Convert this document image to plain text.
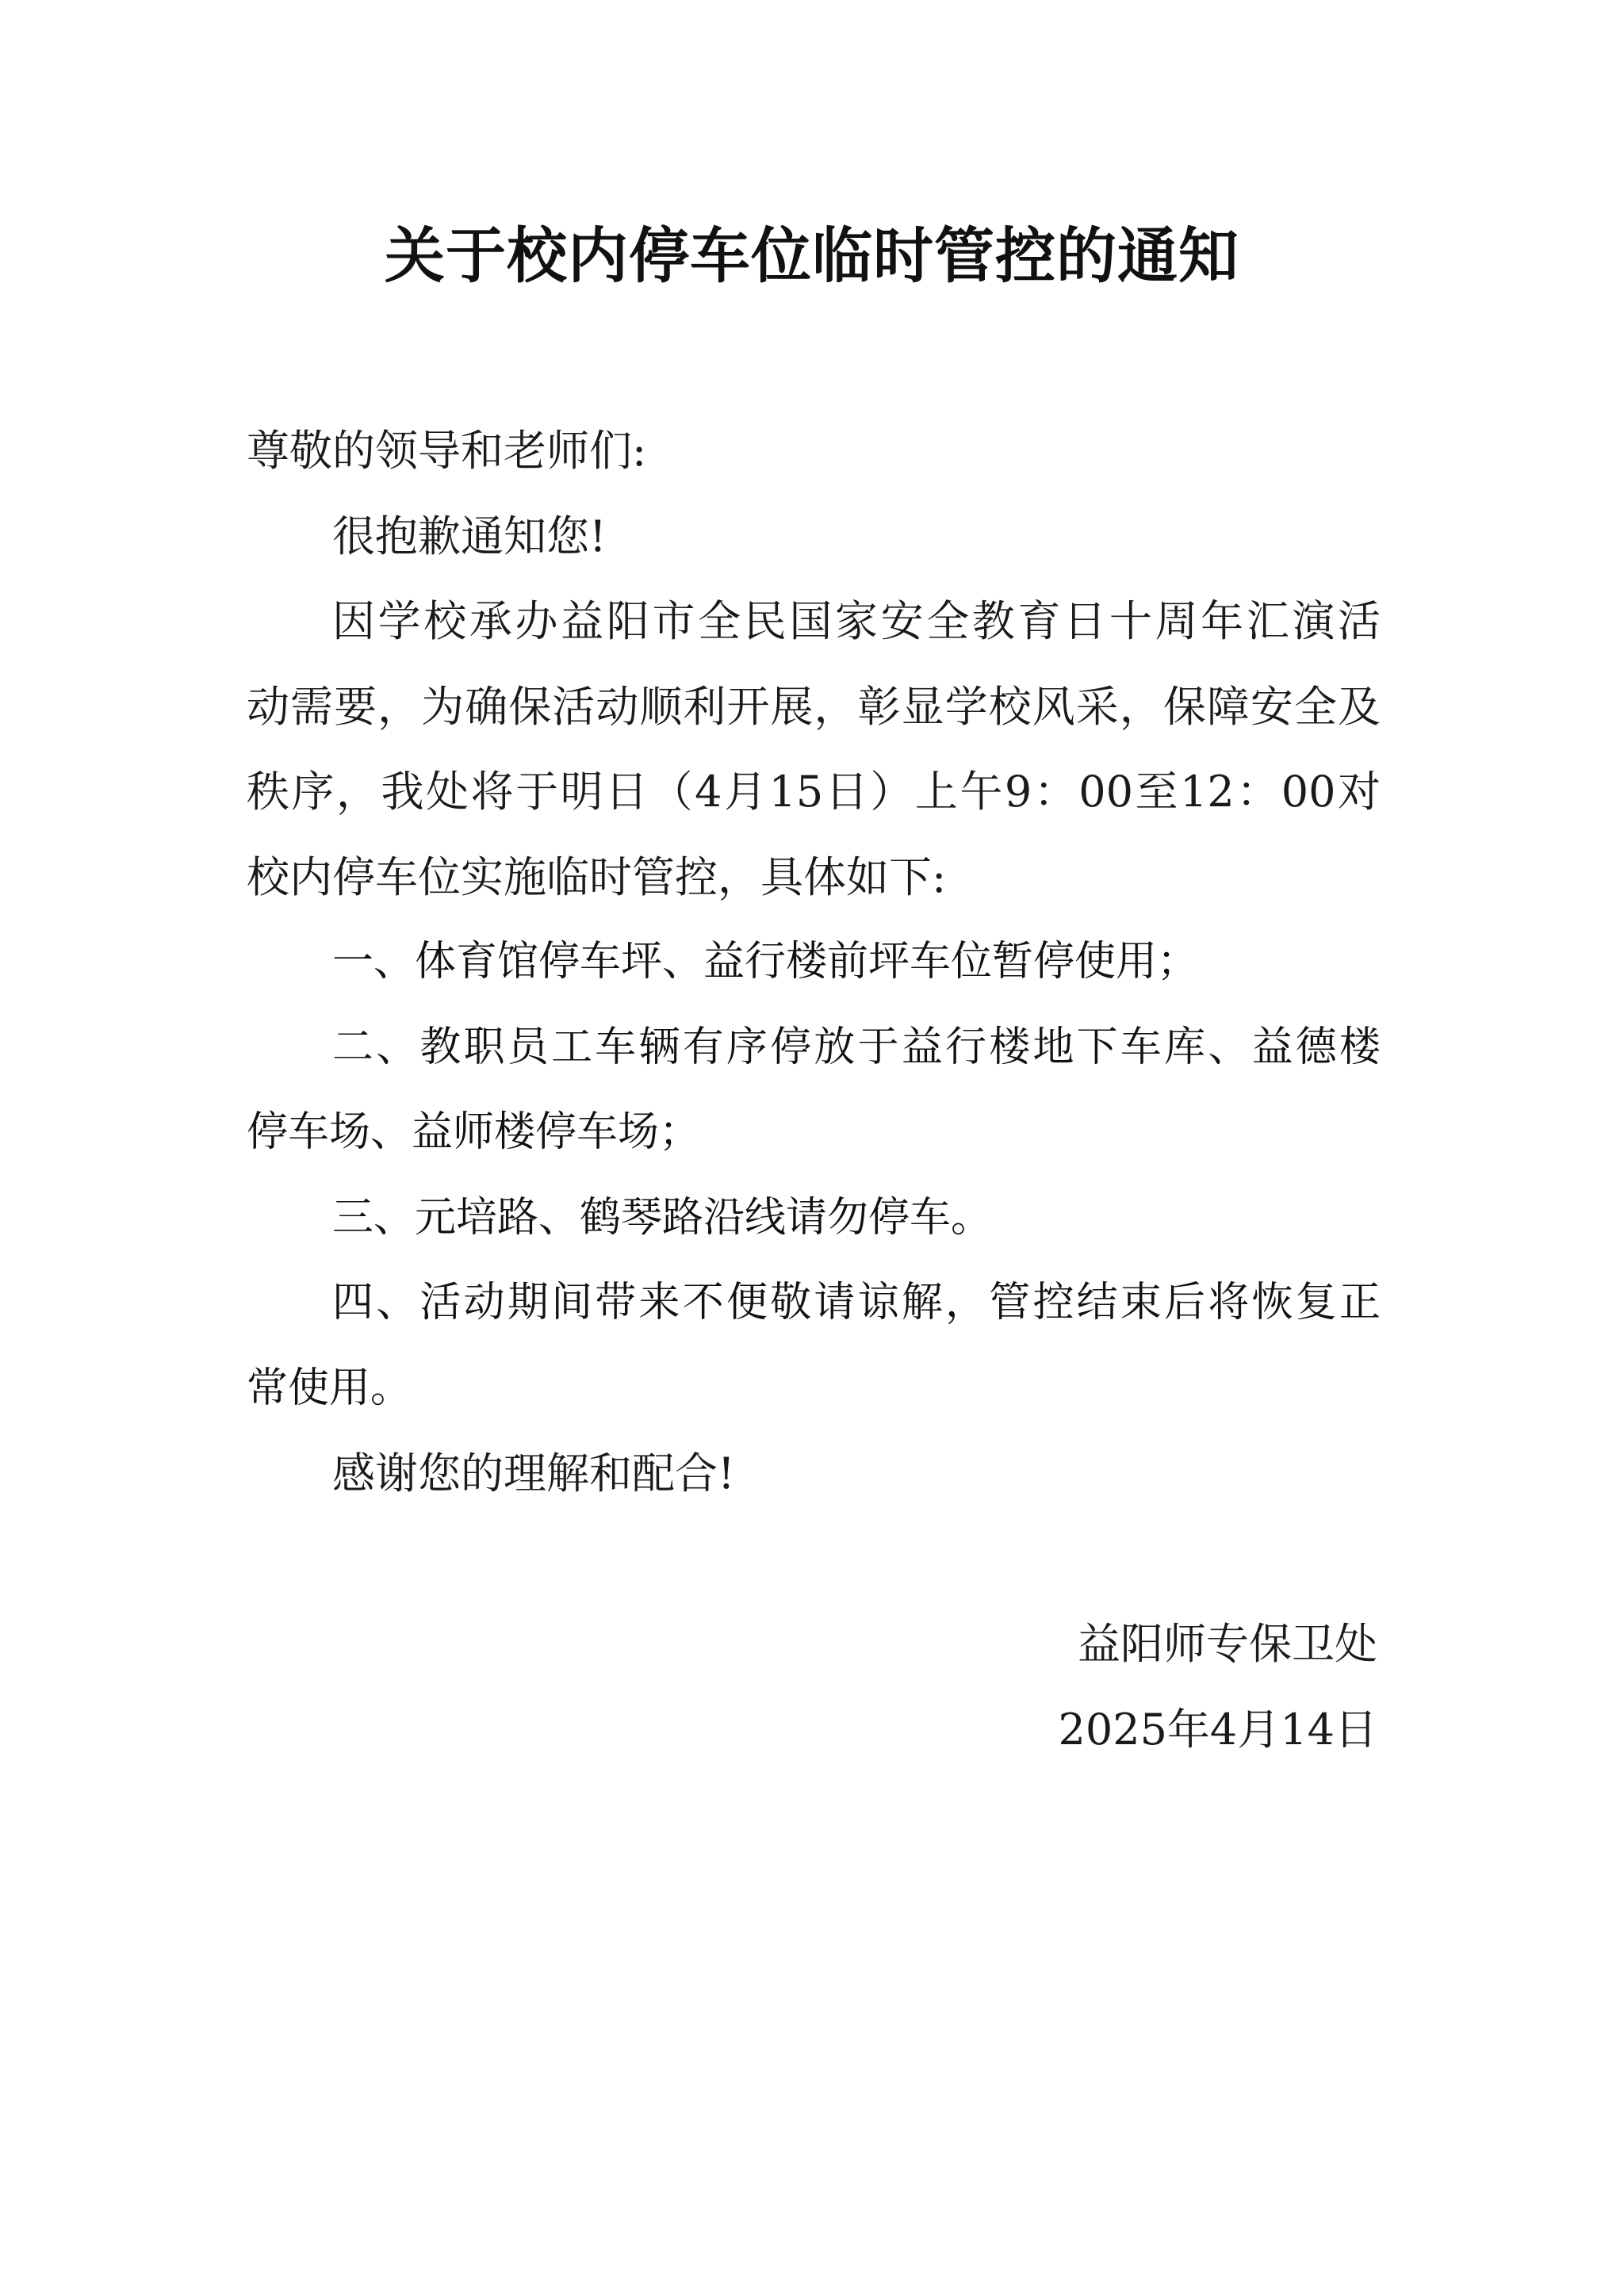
关于校内停车位临时管控的通知
尊敬的领导和老师们:
很抱歉通知您!
因学校承办益阳市全民国家安全教育日十周年汇演活
动需要，为确保活动顺利开展，彰显学校风采，保障安全及
秩序，我处将于明日（4月15日）上午9：00至12：00对
校内停车位实施临时管控，具体如下:
一、体育馆停车坪、益行楼前坪车位暂停使用；
二、教职员工车辆有序停放于益行楼地下车库、益德楼
停车场、益师楼停车场；
三、元培路、鹤琴路沿线请勿停车。
四、活动期间带来不便敬请谅解，管控结束后将恢复正
常使用。
感谢您的理解和配合!
益阳师专保卫处
2025年4月14日
